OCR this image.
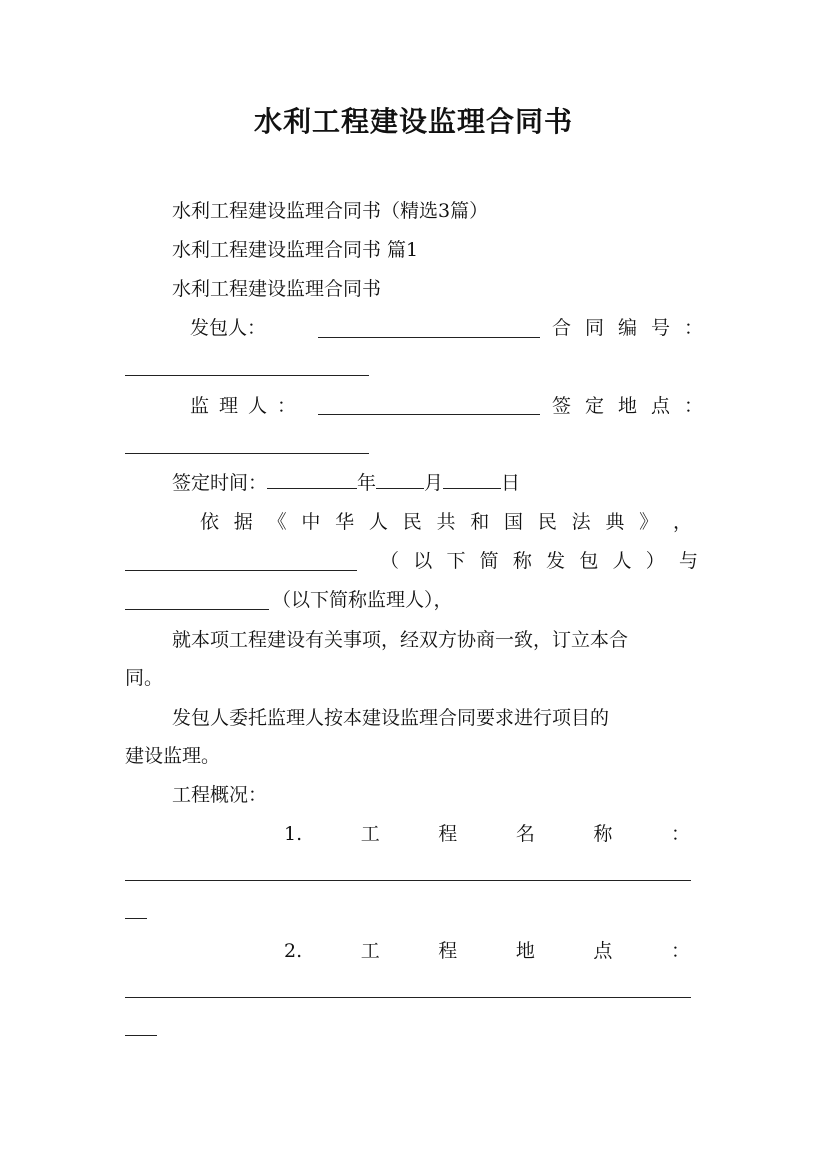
水利工程建设监理合同书
水利工程建设监理合同书（精选3篇）
水利工程建设监理合同书 篇1
水利工程建设监理合同书
发包人：	合同编号：
监理人：	签定地点：
签定时间：	年	月	日
依 据 《 中 华 人 民 共 和 国 民 法 典 》 ，
（ 以 下 简 称 发 包 人 ） 与
（以下简称监理人），
就本项工程建设有关事项，经双方协商一致，订立本合
同。
发包人委托监理人按本建设监理合同要求进行项目的
建设监理。
工程概况：
1.	工	程	名	称	：
2.	工	程	地	点	：
